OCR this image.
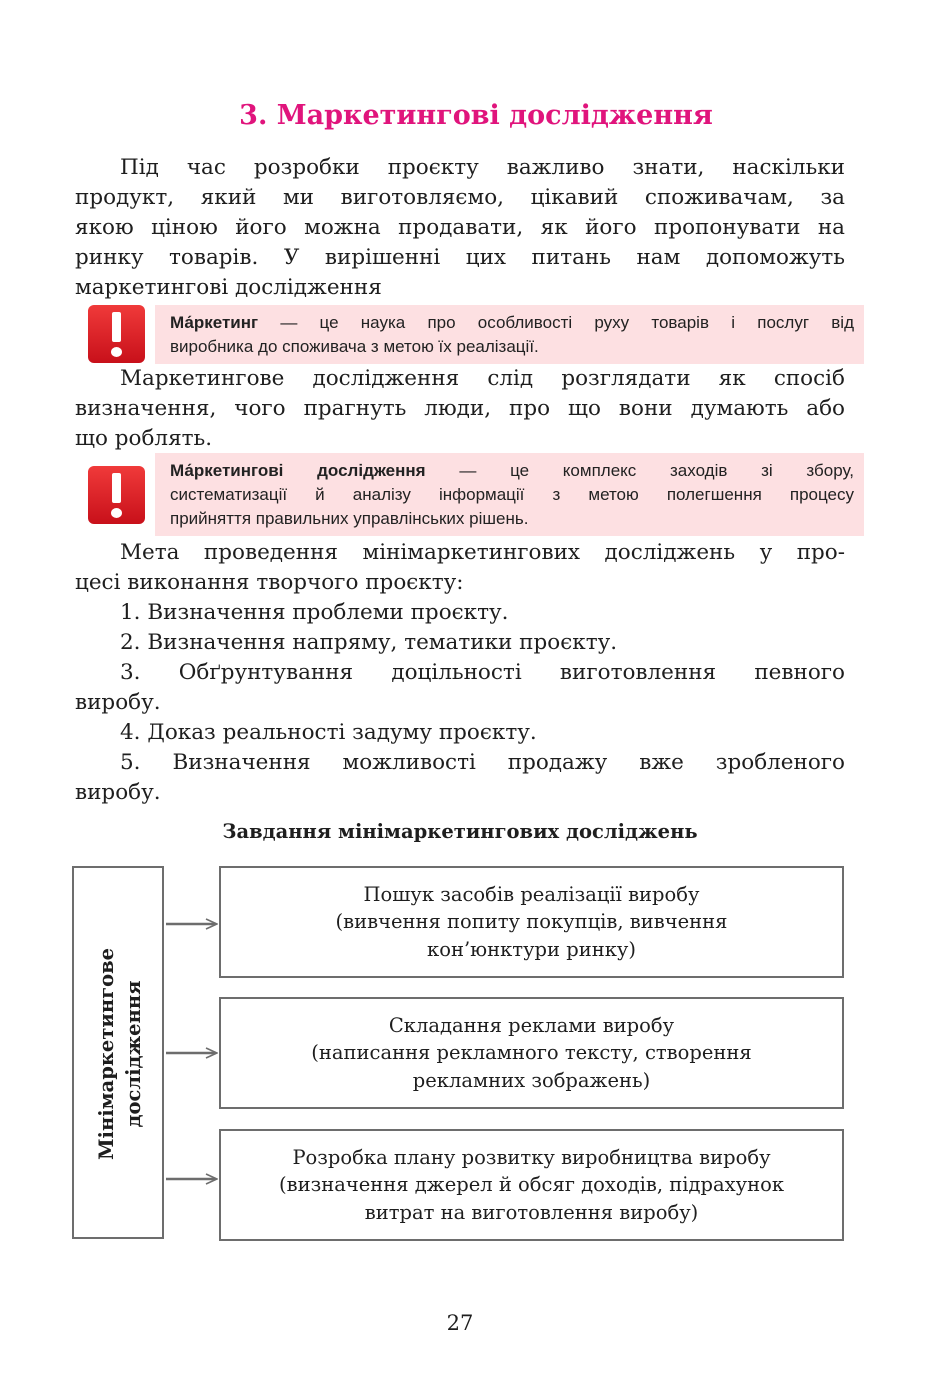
3. Маркетингові дослідження
Під час розробки проєкту важливо знати, наскільки
продукт, який ми виготовляємо, цікавий споживачам, за
якою ціною його можна продавати, як його пропонувати на
ринку товарів. У вирішенні цих питань нам допоможуть
маркетингові дослідження
Ма́ркетинг — це наука про особливості руху товарів і послуг від
виробника до споживача з метою їх реалізації.
Маркетингове дослідження слід розглядати як спосіб
визначення, чого прагнуть люди, про що вони думають або
що роблять.
Ма́ркетингові дослідження — це комплекс заходів зі збору,
систематизації й аналізу інформації з метою полегшення процесу
прийняття правильних управлінських рішень.
Мета проведення мінімаркетингових досліджень у про-
цесі виконання творчого проєкту:
1. Визначення проблеми проєкту.
2. Визначення напряму, тематики проєкту.
3. Обґрунтування доцільності виготовлення певного
виробу.
4. Доказ реальності задуму проєкту.
5. Визначення можливості продажу вже зробленого
виробу.
Завдання мінімаркетингових досліджень
Мінімаркетингове дослідження
Пошук засобів реалізації виробу
(вивчення попиту покупців, вивчення
кон’юнктури ринку)
Складання реклами виробу
(написання рекламного тексту, створення
рекламних зображень)
Розробка плану розвитку виробництва виробу
(визначення джерел й обсяг доходів, підрахунок
витрат на виготовлення виробу)
27
